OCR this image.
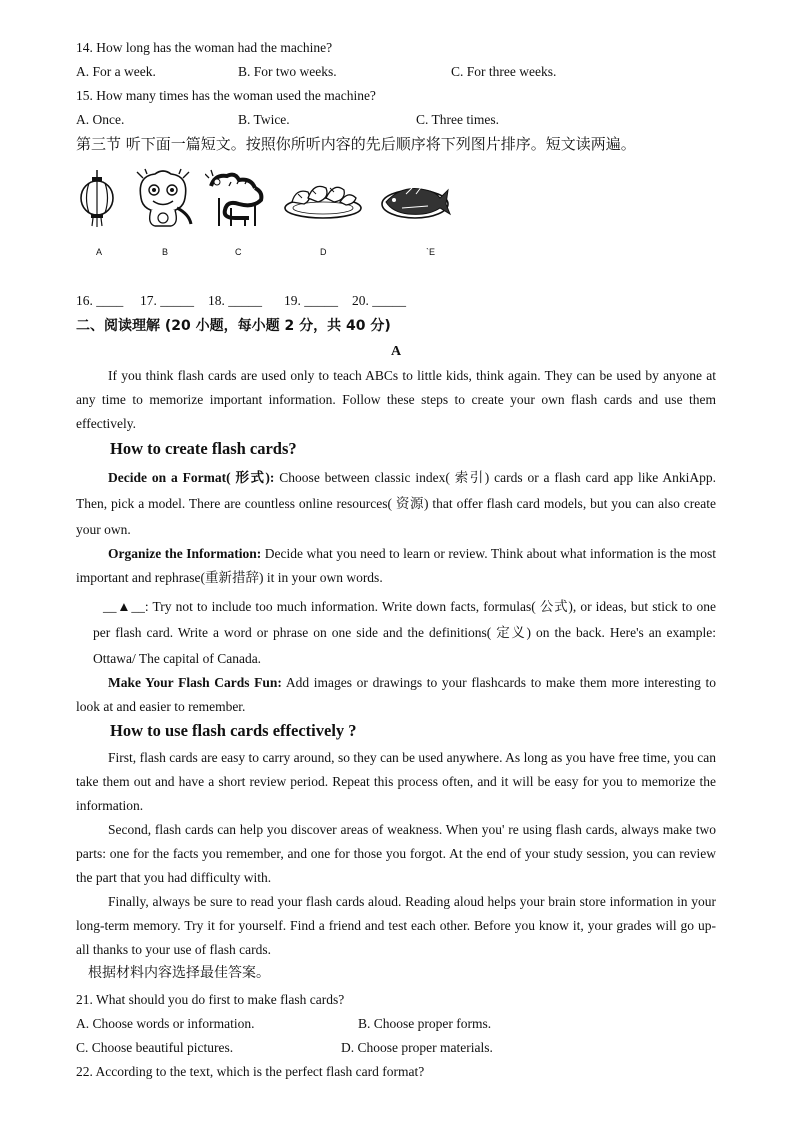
14. How long has the woman had the machine?
A. For a week.	B. For two weeks.	C. For three weeks.
15. How many times has the woman used the machine?
A. Once.	B. Twice.	C. Three times.
第三节 听下面一篇短文。按照你所听内容的先后顺序将下列图片排序。短文读两遍。
A	B	C	D	`E
16. ____ 17. _____ 18. _____ 19. _____ 20. _____
二、阅读理解 (20 小题，每小题 2 分，共 40 分)
A
If you think flash cards are used only to teach ABCs to little kids, think again. They can be used by anyone at any time to memorize important information. Follow these steps to create your own flash cards and use them effectively.
How to create flash cards?
Decide on a Format( 形式): Choose between classic index( 索引) cards or a flash card app like AnkiApp. Then, pick a model. There are countless online resources( 资源) that offer flash card models, but you can also create your own.
Organize the Information: Decide what you need to learn or review. Think about what information is the most important and rephrase(重新措辞) it in your own words.
__▲__: Try not to include too much information. Write down facts, formulas( 公式), or ideas, but stick to one per flash card. Write a word or phrase on one side and the definitions( 定义) on the back. Here's an example: Ottawa/ The capital of Canada.
Make Your Flash Cards Fun: Add images or drawings to your flashcards to make them more interesting to look at and easier to remember.
How to use flash cards effectively ?
First, flash cards are easy to carry around, so they can be used anywhere. As long as you have free time, you can take them out and have a short review period. Repeat this process often, and it will be easy for you to memorize the information.
Second, flash cards can help you discover areas of weakness. When you' re using flash cards, always make two parts: one for the facts you remember, and one for those you forgot. At the end of your study session, you can review the part that you had difficulty with.
Finally, always be sure to read your flash cards aloud. Reading aloud helps your brain store information in your long-term memory. Try it for yourself. Find a friend and test each other. Before you know it, your grades will go up-all thanks to your use of flash cards.
根据材料内容选择最佳答案。
21. What should you do first to make flash cards?
A. Choose words or information.	B. Choose proper forms.
C. Choose beautiful pictures.	D. Choose proper materials.
22. According to the text, which is the perfect flash card format?
